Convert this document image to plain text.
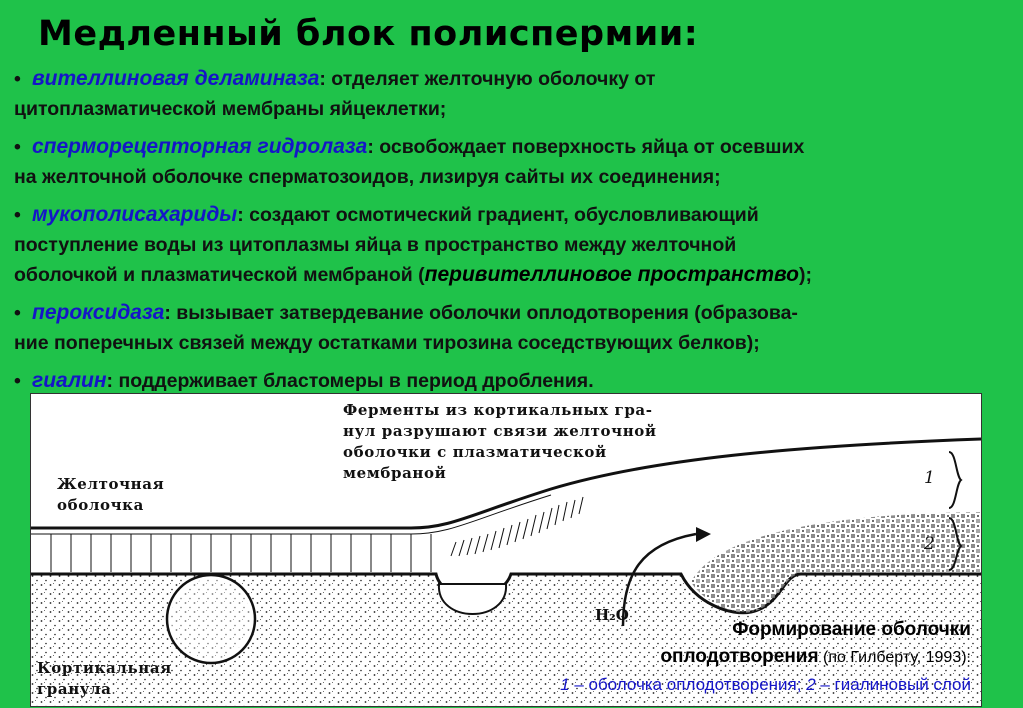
Медленный блок полиспермии:
• вителлиновая деламиназа: отделяет желточную оболочку от
цитоплазматической мембраны яйцеклетки;
• сперморецепторная гидролаза: освобождает поверхность яйца от осевших
на желточной оболочке сперматозоидов, лизируя сайты их соединения;
• мукополисахариды: создают осмотический градиент, обусловливающий
поступление воды из цитоплазмы яйца в пространство между желточной
оболочкой и плазматической мембраной (перивителлиновое пространство);
• пероксидаза: вызывает затвердевание оболочки оплодотворения (образова-
ние поперечных связей между остатками тирозина соседствующих белков);
• гиалин: поддерживает бластомеры в период дробления.
Ферменты из кортикальных гра-
нул разрушают связи желточной
оболочки с плазматической
мембраной
Желточная
оболочка
Кортикальная
гранула
H₂O
1
2
Формирование оболочки
оплодотворения (по Гилберту, 1993):
1 – оболочка оплодотворения; 2 – гиалиновый слой
